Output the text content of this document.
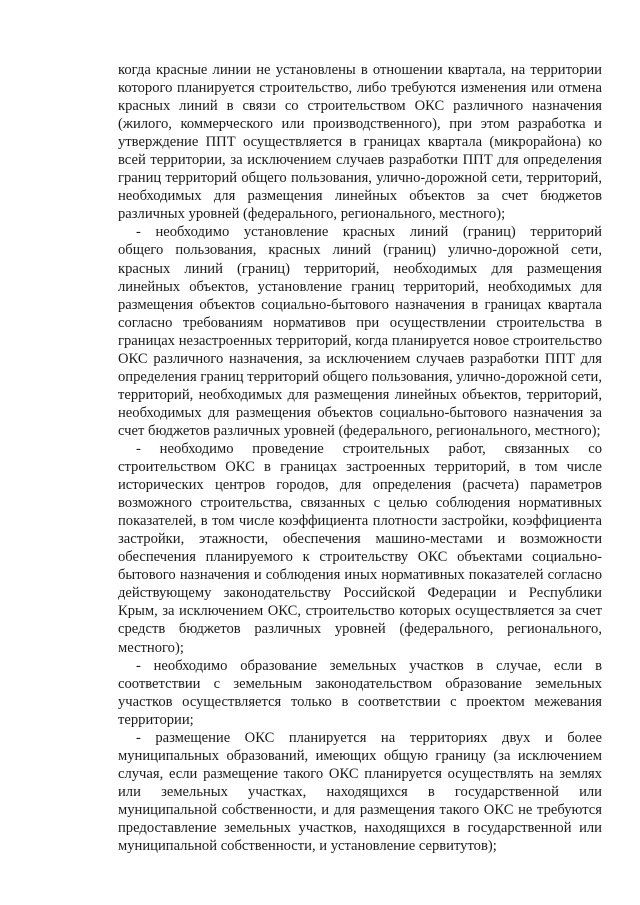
когда красные линии не установлены в отношении квартала, на территории
которого планируется строительство, либо требуются изменения или отмена
красных линий в связи со строительством ОКС различного назначения
(жилого, коммерческого или производственного), при этом разработка и
утверждение ППТ осуществляется в границах квартала (микрорайона) ко
всей территории, за исключением случаев разработки ППТ для определения
границ территорий общего пользования, улично-дорожной сети, территорий,
необходимых для размещения линейных объектов за счет бюджетов
различных уровней (федерального, регионального, местного);
- необходимо установление красных линий (границ) территорий
общего пользования, красных линий (границ) улично-дорожной сети,
красных линий (границ) территорий, необходимых для размещения
линейных объектов, установление границ территорий, необходимых для
размещения объектов социально-бытового назначения в границах квартала
согласно требованиям нормативов при осуществлении строительства в
границах незастроенных территорий, когда планируется новое строительство
ОКС различного назначения, за исключением случаев разработки ППТ для
определения границ территорий общего пользования, улично-дорожной сети,
территорий, необходимых для размещения линейных объектов, территорий,
необходимых для размещения объектов социально-бытового назначения за
счет бюджетов различных уровней (федерального, регионального, местного);
- необходимо проведение строительных работ, связанных со
строительством ОКС в границах застроенных территорий, в том числе
исторических центров городов, для определения (расчета) параметров
возможного строительства, связанных с целью соблюдения нормативных
показателей, в том числе коэффициента плотности застройки, коэффициента
застройки, этажности, обеспечения машино-местами и возможности
обеспечения планируемого к строительству ОКС объектами социально-
бытового назначения и соблюдения иных нормативных показателей согласно
действующему законодательству Российской Федерации и Республики
Крым, за исключением ОКС, строительство которых осуществляется за счет
средств бюджетов различных уровней (федерального, регионального,
местного);
- необходимо образование земельных участков в случае, если в
соответствии с земельным законодательством образование земельных
участков осуществляется только в соответствии с проектом межевания
территории;
- размещение ОКС планируется на территориях двух и более
муниципальных образований, имеющих общую границу (за исключением
случая, если размещение такого ОКС планируется осуществлять на землях
или земельных участках, находящихся в государственной или
муниципальной собственности, и для размещения такого ОКС не требуются
предоставление земельных участков, находящихся в государственной или
муниципальной собственности, и установление сервитутов);
